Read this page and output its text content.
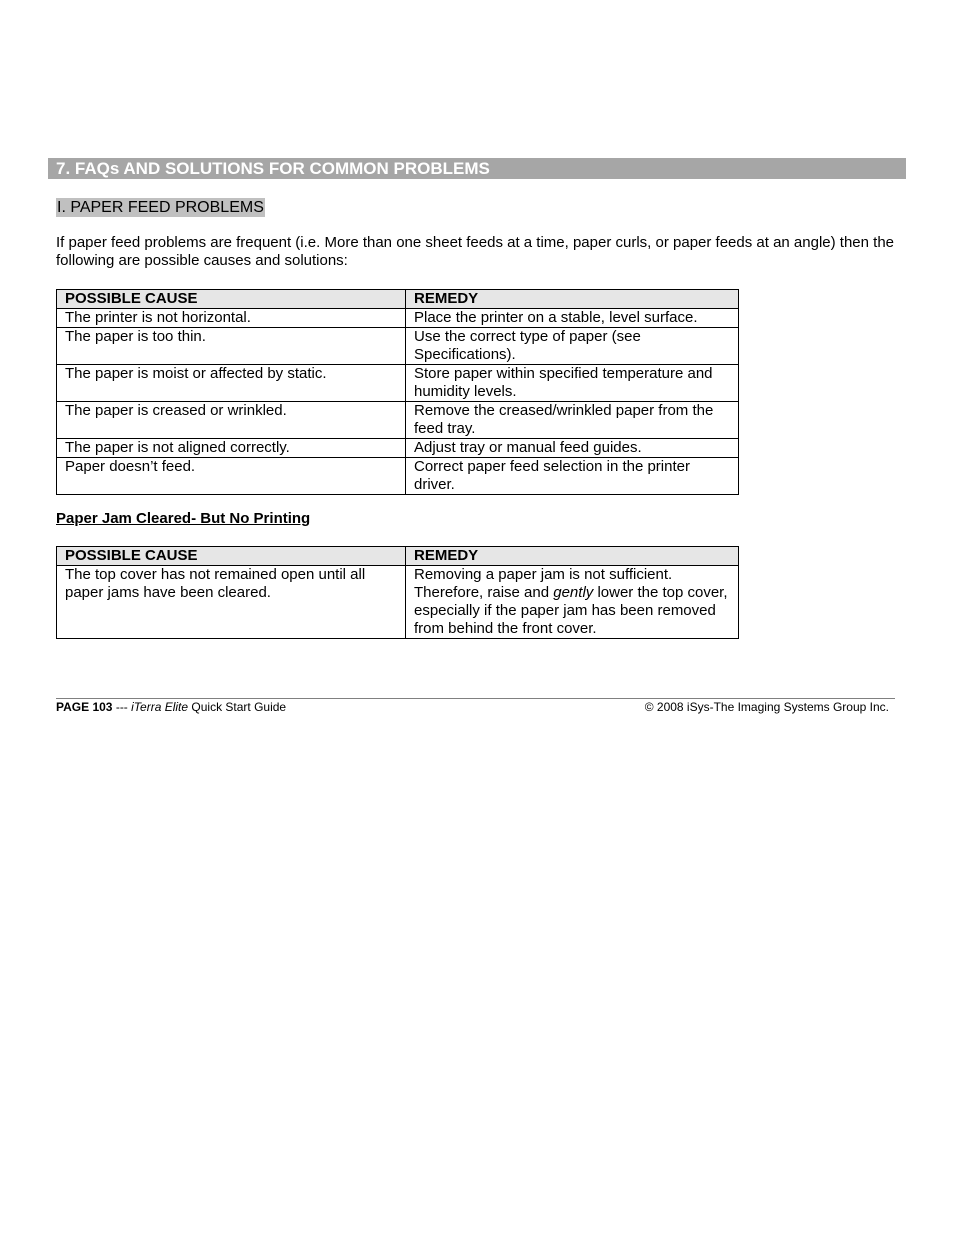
7. FAQs AND SOLUTIONS FOR COMMON PROBLEMS
I. PAPER FEED PROBLEMS

If paper feed problems are frequent (i.e. More than one sheet feeds at a time, paper curls, or paper feeds at an angle) then the following are possible causes and solutions:

POSSIBLE CAUSE	REMEDY
The printer is not horizontal.	Place the printer on a stable, level surface.
The paper is too thin.	Use the correct type of paper (see Specifications).
The paper is moist or affected by static.	Store paper within specified temperature and humidity levels.
The paper is creased or wrinkled.	Remove the creased/wrinkled paper from the feed tray.
The paper is not aligned correctly.	Adjust tray or manual feed guides.
Paper doesn’t feed.	Correct paper feed selection in the printer driver.
Paper Jam Cleared- But No Printing
POSSIBLE CAUSE	REMEDY
The top cover has not remained open until all paper jams have been cleared.	Removing a paper jam is not sufficient. Therefore, raise and gently lower the top cover, especially if the paper jam has been removed from behind the front cover.
PAGE 103 --- iTerra Elite Quick Start Guide	© 2008 iSys-The Imaging Systems Group Inc.
